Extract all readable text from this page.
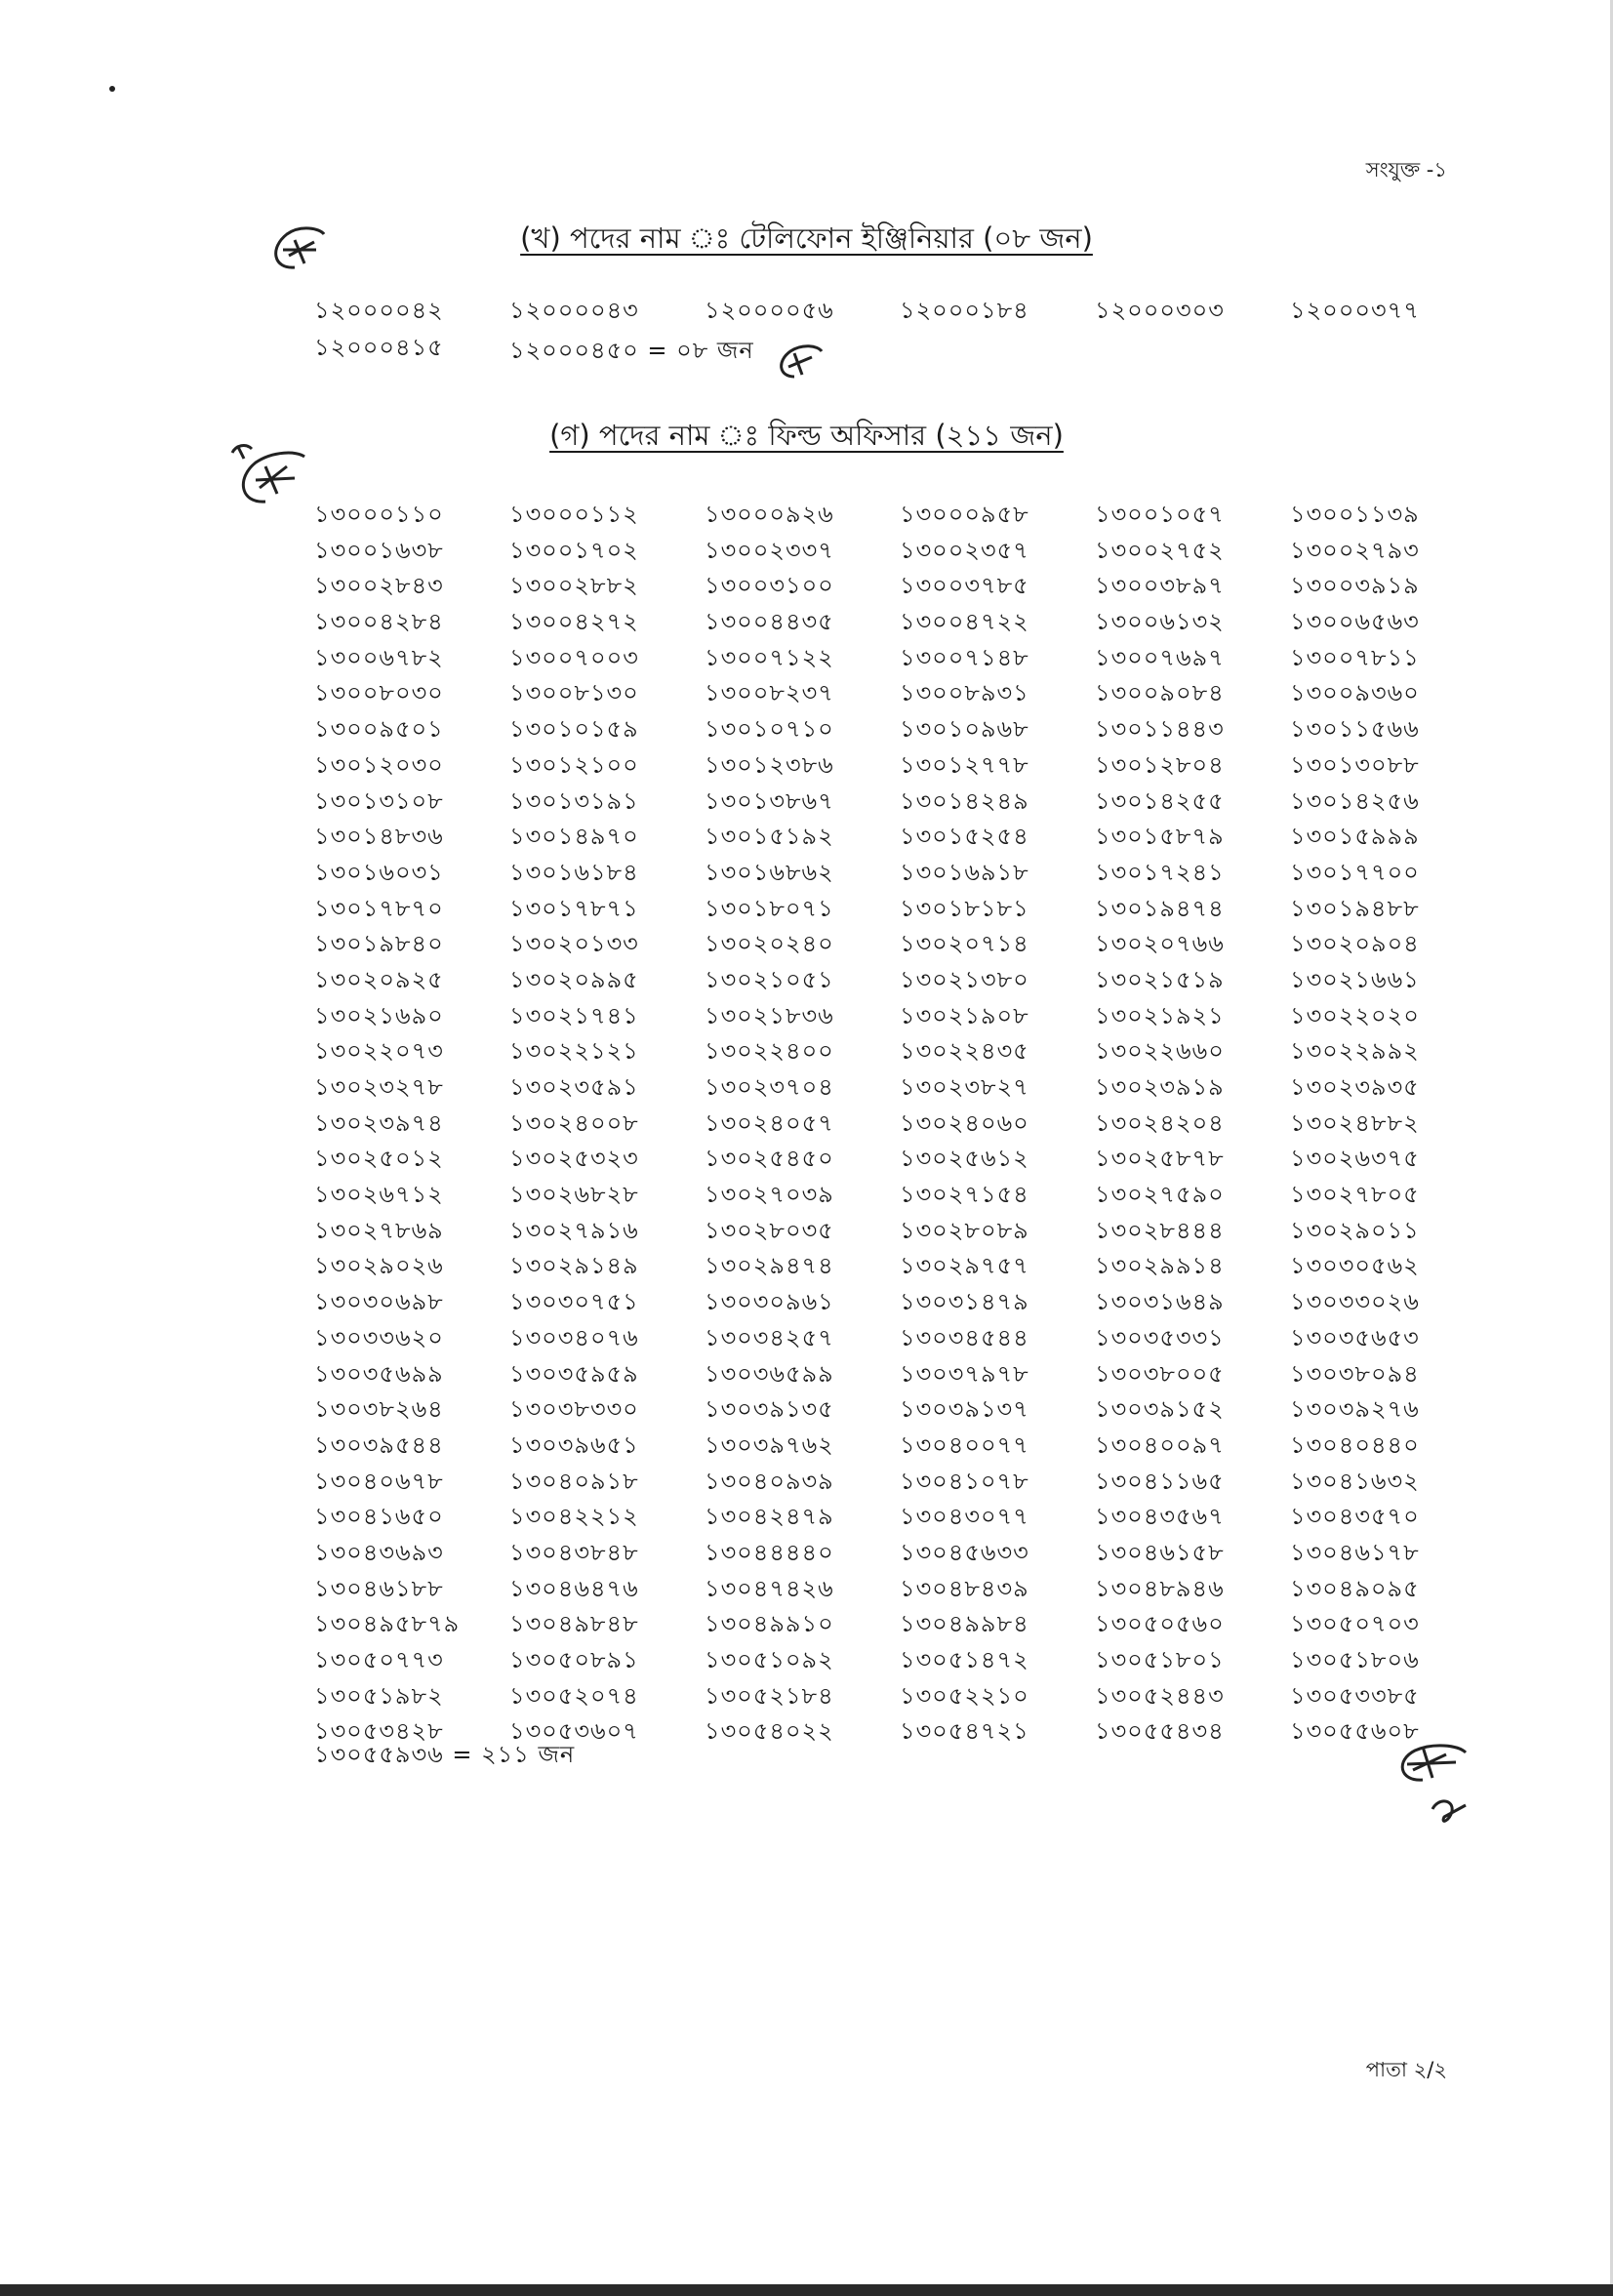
সংযুক্ত -১
(খ) পদের নাম ঃ টেলিফোন ইঞ্জিনিয়ার (০৮ জন)
১২০০০০৪২	১২০০০০৪৩	১২০০০০৫৬	১২০০০১৮৪	১২০০০৩০৩	১২০০০৩৭৭
১২০০০৪১৫	১২০০০৪৫০ = ০৮ জন
(গ) পদের নাম ঃ ফিল্ড অফিসার (২১১ জন)
১৩০০০১১০	১৩০০০১১২	১৩০০০৯২৬	১৩০০০৯৫৮	১৩০০১০৫৭	১৩০০১১৩৯
১৩০০১৬৩৮	১৩০০১৭০২	১৩০০২৩৩৭	১৩০০২৩৫৭	১৩০০২৭৫২	১৩০০২৭৯৩
১৩০০২৮৪৩	১৩০০২৮৮২	১৩০০৩১০০	১৩০০৩৭৮৫	১৩০০৩৮৯৭	১৩০০৩৯১৯
১৩০০৪২৮৪	১৩০০৪২৭২	১৩০০৪৪৩৫	১৩০০৪৭২২	১৩০০৬১৩২	১৩০০৬৫৬৩
১৩০০৬৭৮২	১৩০০৭০০৩	১৩০০৭১২২	১৩০০৭১৪৮	১৩০০৭৬৯৭	১৩০০৭৮১১
১৩০০৮০৩০	১৩০০৮১৩০	১৩০০৮২৩৭	১৩০০৮৯৩১	১৩০০৯০৮৪	১৩০০৯৩৬০
১৩০০৯৫০১	১৩০১০১৫৯	১৩০১০৭১০	১৩০১০৯৬৮	১৩০১১৪৪৩	১৩০১১৫৬৬
১৩০১২০৩০	১৩০১২১০০	১৩০১২৩৮৬	১৩০১২৭৭৮	১৩০১২৮০৪	১৩০১৩০৮৮
১৩০১৩১০৮	১৩০১৩১৯১	১৩০১৩৮৬৭	১৩০১৪২৪৯	১৩০১৪২৫৫	১৩০১৪২৫৬
১৩০১৪৮৩৬	১৩০১৪৯৭০	১৩০১৫১৯২	১৩০১৫২৫৪	১৩০১৫৮৭৯	১৩০১৫৯৯৯
১৩০১৬০৩১	১৩০১৬১৮৪	১৩০১৬৮৬২	১৩০১৬৯১৮	১৩০১৭২৪১	১৩০১৭৭০০
১৩০১৭৮৭০	১৩০১৭৮৭১	১৩০১৮০৭১	১৩০১৮১৮১	১৩০১৯৪৭৪	১৩০১৯৪৮৮
১৩০১৯৮৪০	১৩০২০১৩৩	১৩০২০২৪০	১৩০২০৭১৪	১৩০২০৭৬৬	১৩০২০৯০৪
১৩০২০৯২৫	১৩০২০৯৯৫	১৩০২১০৫১	১৩০২১৩৮০	১৩০২১৫১৯	১৩০২১৬৬১
১৩০২১৬৯০	১৩০২১৭৪১	১৩০২১৮৩৬	১৩০২১৯০৮	১৩০২১৯২১	১৩০২২০২০
১৩০২২০৭৩	১৩০২২১২১	১৩০২২৪০০	১৩০২২৪৩৫	১৩০২২৬৬০	১৩০২২৯৯২
১৩০২৩২৭৮	১৩০২৩৫৯১	১৩০২৩৭০৪	১৩০২৩৮২৭	১৩০২৩৯১৯	১৩০২৩৯৩৫
১৩০২৩৯৭৪	১৩০২৪০০৮	১৩০২৪০৫৭	১৩০২৪০৬০	১৩০২৪২০৪	১৩০২৪৮৮২
১৩০২৫০১২	১৩০২৫৩২৩	১৩০২৫৪৫০	১৩০২৫৬১২	১৩০২৫৮৭৮	১৩০২৬৩৭৫
১৩০২৬৭১২	১৩০২৬৮২৮	১৩০২৭০৩৯	১৩০২৭১৫৪	১৩০২৭৫৯০	১৩০২৭৮০৫
১৩০২৭৮৬৯	১৩০২৭৯১৬	১৩০২৮০৩৫	১৩০২৮০৮৯	১৩০২৮৪৪৪	১৩০২৯০১১
১৩০২৯০২৬	১৩০২৯১৪৯	১৩০২৯৪৭৪	১৩০২৯৭৫৭	১৩০২৯৯১৪	১৩০৩০৫৬২
১৩০৩০৬৯৮	১৩০৩০৭৫১	১৩০৩০৯৬১	১৩০৩১৪৭৯	১৩০৩১৬৪৯	১৩০৩৩০২৬
১৩০৩৩৬২০	১৩০৩৪০৭৬	১৩০৩৪২৫৭	১৩০৩৪৫৪৪	১৩০৩৫৩৩১	১৩০৩৫৬৫৩
১৩০৩৫৬৯৯	১৩০৩৫৯৫৯	১৩০৩৬৫৯৯	১৩০৩৭৯৭৮	১৩০৩৮০০৫	১৩০৩৮০৯৪
১৩০৩৮২৬৪	১৩০৩৮৩৩০	১৩০৩৯১৩৫	১৩০৩৯১৩৭	১৩০৩৯১৫২	১৩০৩৯২৭৬
১৩০৩৯৫৪৪	১৩০৩৯৬৫১	১৩০৩৯৭৬২	১৩০৪০০৭৭	১৩০৪০০৯৭	১৩০৪০৪৪০
১৩০৪০৬৭৮	১৩০৪০৯১৮	১৩০৪০৯৩৯	১৩০৪১০৭৮	১৩০৪১১৬৫	১৩০৪১৬৩২
১৩০৪১৬৫০	১৩০৪২২১২	১৩০৪২৪৭৯	১৩০৪৩০৭৭	১৩০৪৩৫৬৭	১৩০৪৩৫৭০
১৩০৪৩৬৯৩	১৩০৪৩৮৪৮	১৩০৪৪৪৪০	১৩০৪৫৬৩৩	১৩০৪৬১৫৮	১৩০৪৬১৭৮
১৩০৪৬১৮৮	১৩০৪৬৪৭৬	১৩০৪৭৪২৬	১৩০৪৮৪৩৯	১৩০৪৮৯৪৬	১৩০৪৯০৯৫
১৩০৪৯৫৮৭৯	১৩০৪৯৮৪৮	১৩০৪৯৯১০	১৩০৪৯৯৮৪	১৩০৫০৫৬০	১৩০৫০৭০৩
১৩০৫০৭৭৩	১৩০৫০৮৯১	১৩০৫১০৯২	১৩০৫১৪৭২	১৩০৫১৮০১	১৩০৫১৮০৬
১৩০৫১৯৮২	১৩০৫২০৭৪	১৩০৫২১৮৪	১৩০৫২২১০	১৩০৫২৪৪৩	১৩০৫৩৩৮৫
১৩০৫৩৪২৮	১৩০৫৩৬০৭	১৩০৫৪০২২	১৩০৫৪৭২১	১৩০৫৫৪৩৪	১৩০৫৫৬০৮
১৩০৫৫৯৩৬ = ২১১ জন
পাতা ২/২
